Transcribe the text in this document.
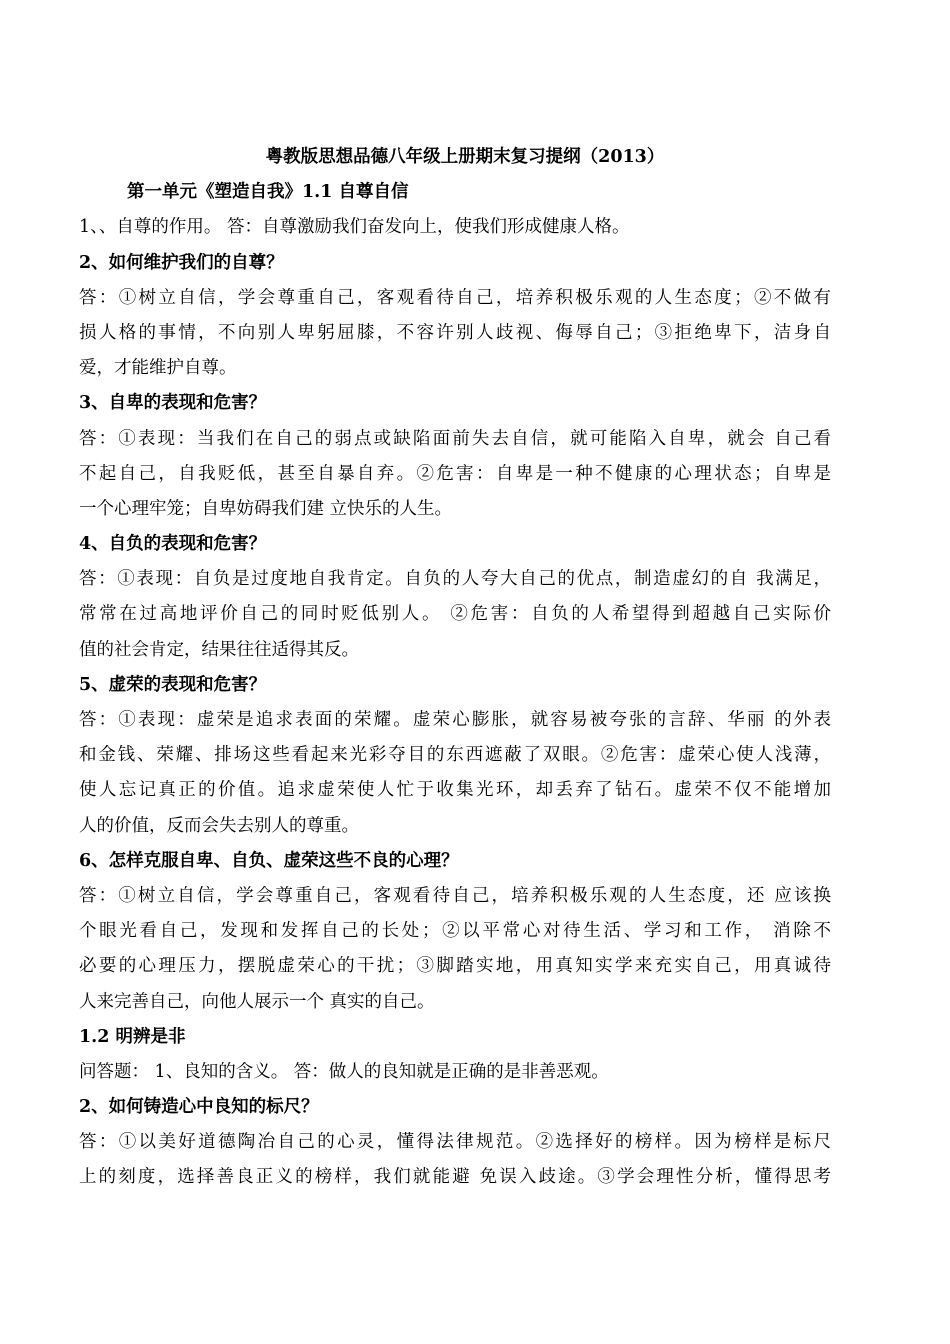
粤教版思想品德八年级上册期末复习提纲（2013）
第一单元《塑造自我》1.1 自尊自信
1、、自尊的作用。 答：自尊激励我们奋发向上，使我们形成健康人格。
2、如何维护我们的自尊？
答：①树立自信，学会尊重自己，客观看待自己，培养积极乐观的人生态度；②不做有
损人格的事情，不向别人卑躬屈膝，不容许别人歧视、侮辱自己；③拒绝卑下，洁身自
爱，才能维护自尊。
3、自卑的表现和危害？
答：①表现：当我们在自己的弱点或缺陷面前失去自信，就可能陷入自卑，就会 自己看
不起自己，自我贬低，甚至自暴自弃。②危害：自卑是一种不健康的心理状态；自卑是
一个心理牢笼；自卑妨碍我们建 立快乐的人生。
4、自负的表现和危害？
答：①表现：自负是过度地自我肯定。自负的人夸大自己的优点，制造虚幻的自 我满足，
常常在过高地评价自己的同时贬低别人。 ②危害：自负的人希望得到超越自己实际价
值的社会肯定，结果往往适得其反。
5、虚荣的表现和危害？
答：①表现：虚荣是追求表面的荣耀。虚荣心膨胀，就容易被夸张的言辞、华丽 的外表
和金钱、荣耀、排场这些看起来光彩夺目的东西遮蔽了双眼。②危害：虚荣心使人浅薄，
使人忘记真正的价值。追求虚荣使人忙于收集光环，却丢弃了钻石。虚荣不仅不能增加
人的价值，反而会失去别人的尊重。
6、怎样克服自卑、自负、虚荣这些不良的心理？
答：①树立自信，学会尊重自己，客观看待自己，培养积极乐观的人生态度，还 应该换
个眼光看自己，发现和发挥自己的长处；②以平常心对待生活、学习和工作， 消除不
必要的心理压力，摆脱虚荣心的干扰；③脚踏实地，用真知实学来充实自己，用真诚待
人来完善自己，向他人展示一个 真实的自己。
1.2 明辨是非
问答题： 1、良知的含义。 答：做人的良知就是正确的是非善恶观。
2、如何铸造心中良知的标尺？
答：①以美好道德陶冶自己的心灵，懂得法律规范。②选择好的榜样。因为榜样是标尺
上的刻度，选择善良正义的榜样，我们就能避 免误入歧途。③学会理性分析，懂得思考
